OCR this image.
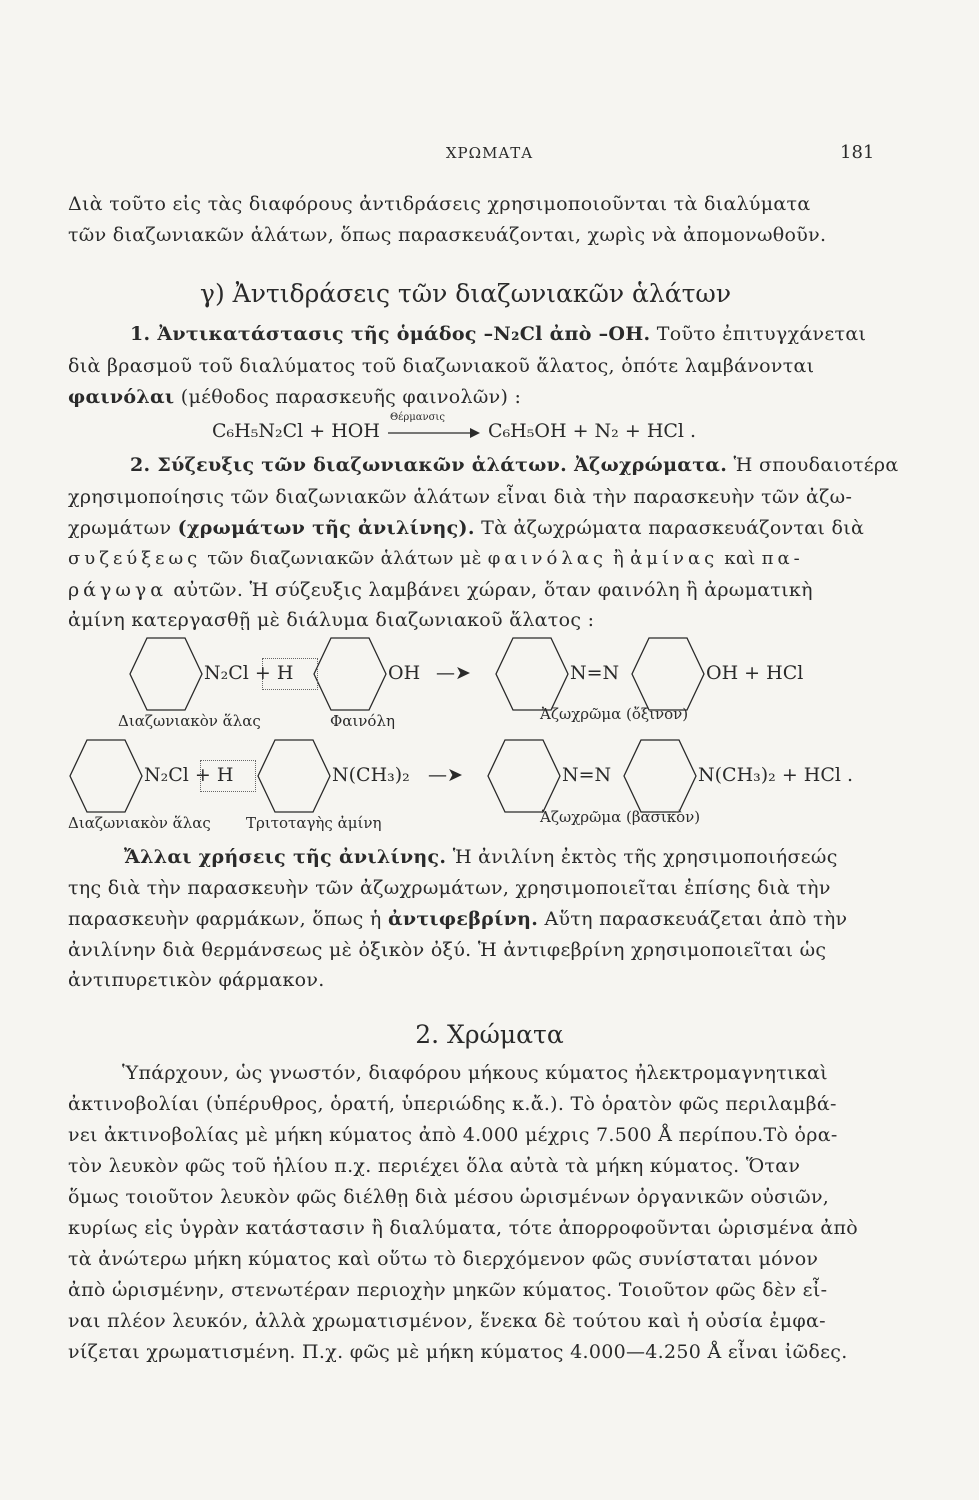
ΧΡΩΜΑΤΑ	181
Διὰ τοῦτο εἰς τὰς διαφόρους ἀντιδράσεις χρησιμοποιοῦνται τὰ διαλύματα
τῶν διαζωνιακῶν ἁλάτων, ὅπως παρασκευάζονται, χωρὶς νὰ ἀπομονωθοῦν.
γ) Ἀντιδράσεις τῶν διαζωνιακῶν ἁλάτων
1. Ἀντικατάστασις τῆς ὁμάδος –N₂Cl ἀπὸ –OH. Τοῦτο ἐπιτυγχάνεται
διὰ βρασμοῦ τοῦ διαλύματος τοῦ διαζωνιακοῦ ἅλατος, ὁπότε λαμβάνονται
φαινόλαι (μέθοδος παρασκευῆς φαινολῶν) :
C₆H₅N₂Cl + HOH
Θέρμανσις
C₆H₅OH + N₂ + HCl .
2. Σύζευξις τῶν διαζωνιακῶν ἁλάτων. Ἀζωχρώματα. Ἡ σπουδαιοτέρα
χρησιμοποίησις τῶν διαζωνιακῶν ἁλάτων εἶναι διὰ τὴν παρασκευὴν τῶν ἀζω-
χρωμάτων (χρωμάτων τῆς ἀνιλίνης). Τὰ ἀζωχρώματα παρασκευάζονται διὰ
συζεύξεως τῶν διαζωνιακῶν ἁλάτων μὲ φαινόλας ἢ ἀμίνας καὶ πα-
ράγωγα αὐτῶν. Ἡ σύζευξις λαμβάνει χώραν, ὅταν φαινόλη ἢ ἀρωματικὴ
ἀμίνη κατεργασθῇ μὲ διάλυμα διαζωνιακοῦ ἅλατος :
N₂Cl + H	OH —➤	N=N	OH + HCl
Διαζωνιακὸν ἅλας	Φαινόλη	Ἀζωχρῶμα (ὄξινον)
N₂Cl + H	N(CH₃)₂ —➤	N=N	N(CH₃)₂ + HCl .
Διαζωνιακὸν ἅλας Τριτοταγὴς ἀμίνη	Ἀζωχρῶμα (βασικὸν)
Ἄλλαι χρήσεις τῆς ἀνιλίνης. Ἡ ἀνιλίνη ἐκτὸς τῆς χρησιμοποιήσεώς
της διὰ τὴν παρασκευὴν τῶν ἀζωχρωμάτων, χρησιμοποιεῖται ἐπίσης διὰ τὴν
παρασκευὴν φαρμάκων, ὅπως ἡ ἀντιφεβρίνη. Αὕτη παρασκευάζεται ἀπὸ τὴν
ἀνιλίνην διὰ θερμάνσεως μὲ ὀξικὸν ὀξύ. Ἡ ἀντιφεβρίνη χρησιμοποιεῖται ὡς
ἀντιπυρετικὸν φάρμακον.
2. Χρώματα
Ὑπάρχουν, ὡς γνωστόν, διαφόρου μήκους κύματος ἠλεκτρομαγνητικαὶ
ἀκτινοβολίαι (ὑπέρυθρος, ὁρατή, ὑπεριώδης κ.ἄ.). Τὸ ὁρατὸν φῶς περιλαμβά-
νει ἀκτινοβολίας μὲ μήκη κύματος ἀπὸ 4.000 μέχρις 7.500 Å περίπου.Τὸ ὁρα-
τὸν λευκὸν φῶς τοῦ ἡλίου π.χ. περιέχει ὅλα αὐτὰ τὰ μήκη κύματος. Ὅταν
ὅμως τοιοῦτον λευκὸν φῶς διέλθῃ διὰ μέσου ὡρισμένων ὀργανικῶν οὐσιῶν,
κυρίως εἰς ὑγρὰν κατάστασιν ἢ διαλύματα, τότε ἀπορροφοῦνται ὡρισμένα ἀπὸ
τὰ ἀνώτερω μήκη κύματος καὶ οὕτω τὸ διερχόμενον φῶς συνίσταται μόνον
ἀπὸ ὡρισμένην, στενωτέραν περιοχὴν μηκῶν κύματος. Τοιοῦτον φῶς δὲν εἶ-
ναι πλέον λευκόν, ἀλλὰ χρωματισμένον, ἕνεκα δὲ τούτου καὶ ἡ οὐσία ἐμφα-
νίζεται χρωματισμένη. Π.χ. φῶς μὲ μήκη κύματος 4.000—4.250 Å εἶναι ἰῶδες.
